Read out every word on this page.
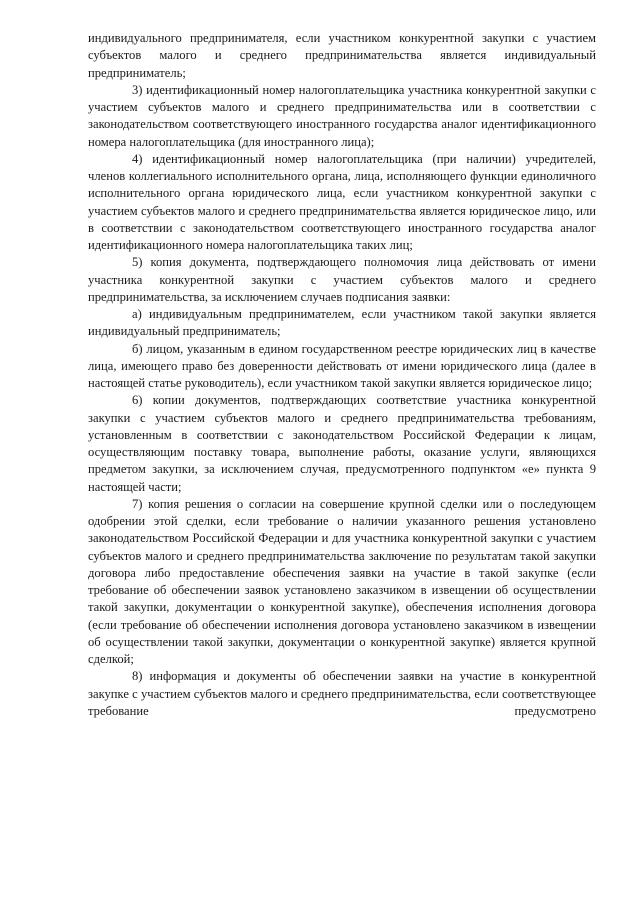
индивидуального предпринимателя, если участником конкурентной закупки с участием субъектов малого и среднего предпринимательства является индивидуальный предприниматель;

3) идентификационный номер налогоплательщика участника конкурентной закупки с участием субъектов малого и среднего предпринимательства или в соответствии с законодательством соответствующего иностранного государства аналог идентификационного номера налогоплательщика (для иностранного лица);

4) идентификационный номер налогоплательщика (при наличии) учредителей, членов коллегиального исполнительного органа, лица, исполняющего функции единоличного исполнительного органа юридического лица, если участником конкурентной закупки с участием субъектов малого и среднего предпринимательства является юридическое лицо, или в соответствии с законодательством соответствующего иностранного государства аналог идентификационного номера налогоплательщика таких лиц;

5) копия документа, подтверждающего полномочия лица действовать от имени участника конкурентной закупки с участием субъектов малого и среднего предпринимательства, за исключением случаев подписания заявки:

а) индивидуальным предпринимателем, если участником такой закупки является индивидуальный предприниматель;

б) лицом, указанным в едином государственном реестре юридических лиц в качестве лица, имеющего право без доверенности действовать от имени юридического лица (далее в настоящей статье руководитель), если участником такой закупки является юридическое лицо;

6) копии документов, подтверждающих соответствие участника конкурентной закупки с участием субъектов малого и среднего предпринимательства требованиям, установленным в соответствии с законодательством Российской Федерации к лицам, осуществляющим поставку товара, выполнение работы, оказание услуги, являющихся предметом закупки, за исключением случая, предусмотренного подпунктом «е» пункта 9 настоящей части;

7) копия решения о согласии на совершение крупной сделки или о последующем одобрении этой сделки, если требование о наличии указанного решения установлено законодательством Российской Федерации и для участника конкурентной закупки с участием субъектов малого и среднего предпринимательства заключение по результатам такой закупки договора либо предоставление обеспечения заявки на участие в такой закупке (если требование об обеспечении заявок установлено заказчиком в извещении об осуществлении такой закупки, документации о конкурентной закупке), обеспечения исполнения договора (если требование об обеспечении исполнения договора установлено заказчиком в извещении об осуществлении такой закупки, документации о конкурентной закупке) является крупной сделкой;

8) информация и документы об обеспечении заявки на участие в конкурентной закупке с участием субъектов малого и среднего предпринимательства, если соответствующее требование предусмотрено
